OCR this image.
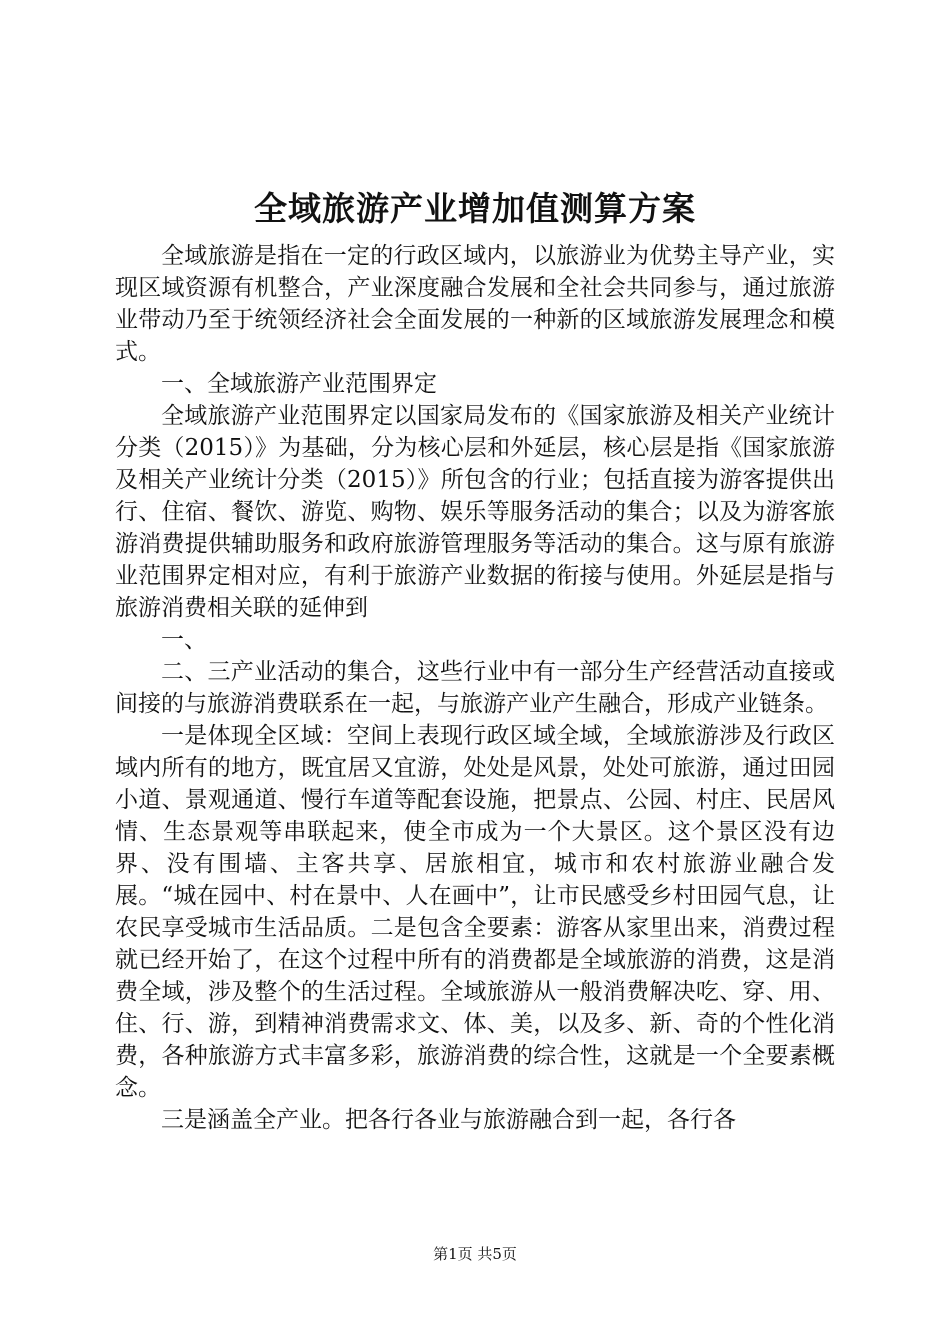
全域旅游产业增加值测算方案

全域旅游是指在一定的行政区域内，以旅游业为优势主导产业，实现区域资源有机整合，产业深度融合发展和全社会共同参与，通过旅游业带动乃至于统领经济社会全面发展的一种新的区域旅游发展理念和模式。

一、全域旅游产业范围界定

全域旅游产业范围界定以国家局发布的《国家旅游及相关产业统计分类（2015）》为基础，分为核心层和外延层，核心层是指《国家旅游及相关产业统计分类（2015）》所包含的行业；包括直接为游客提供出行、住宿、餐饮、游览、购物、娱乐等服务活动的集合；以及为游客旅游消费提供辅助服务和政府旅游管理服务等活动的集合。这与原有旅游业范围界定相对应，有利于旅游产业数据的衔接与使用。外延层是指与旅游消费相关联的延伸到

一、

二、三产业活动的集合，这些行业中有一部分生产经营活动直接或间接的与旅游消费联系在一起，与旅游产业产生融合，形成产业链条。

一是体现全区域：空间上表现行政区域全域，全域旅游涉及行政区域内所有的地方，既宜居又宜游，处处是风景，处处可旅游，通过田园小道、景观通道、慢行车道等配套设施，把景点、公园、村庄、民居风情、生态景观等串联起来，使全市成为一个大景区。这个景区没有边界、没有围墙、主客共享、居旅相宜，城市和农村旅游业融合发展。“城在园中、村在景中、人在画中”，让市民感受乡村田园气息，让农民享受城市生活品质。二是包含全要素：游客从家里出来，消费过程就已经开始了，在这个过程中所有的消费都是全域旅游的消费，这是消费全域，涉及整个的生活过程。全域旅游从一般消费解决吃、穿、用、住、行、游，到精神消费需求文、体、美，以及多、新、奇的个性化消费，各种旅游方式丰富多彩，旅游消费的综合性，这就是一个全要素概念。

三是涵盖全产业。把各行各业与旅游融合到一起，各行各

第1页 共5页
